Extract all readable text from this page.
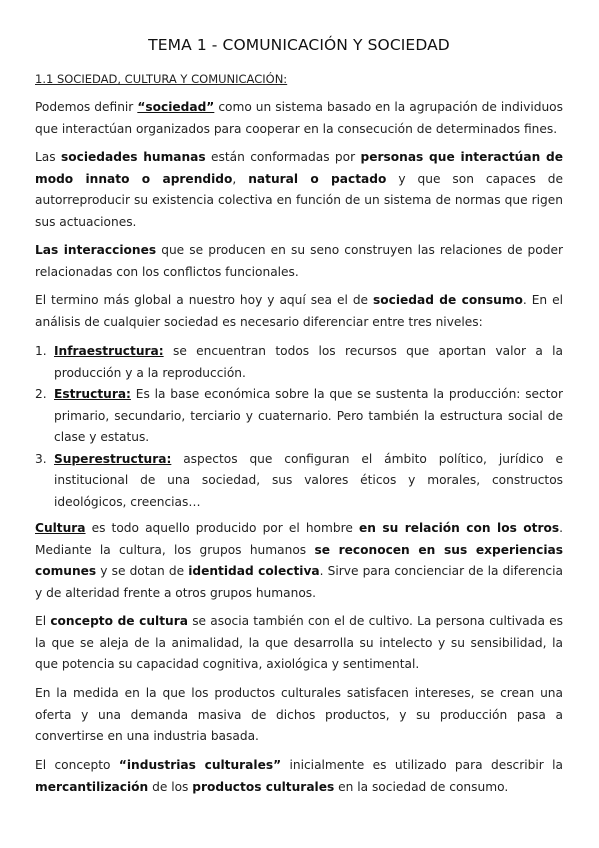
TEMA 1 - COMUNICACIÓN Y SOCIEDAD
1.1 SOCIEDAD, CULTURA Y COMUNICACIÓN:

Podemos definir “sociedad” como un sistema basado en la agrupación de individuos que interactúan organizados para cooperar en la consecución de determinados fines.

Las sociedades humanas están conformadas por personas que interactúan de modo innato o aprendido, natural o pactado y que son capaces de autorreproducir su existencia colectiva en función de un sistema de normas que rigen sus actuaciones.

Las interacciones que se producen en su seno construyen las relaciones de poder relacionadas con los conflictos funcionales.

El termino más global a nuestro hoy y aquí sea el de sociedad de consumo. En el análisis de cualquier sociedad es necesario diferenciar entre tres niveles:

1. Infraestructura: se encuentran todos los recursos que aportan valor a la producción y a la reproducción.
2. Estructura: Es la base económica sobre la que se sustenta la producción: sector primario, secundario, terciario y cuaternario. Pero también la estructura social de clase y estatus.
3. Superestructura: aspectos que configuran el ámbito político, jurídico e institucional de una sociedad, sus valores éticos y morales, constructos ideológicos, creencias…

Cultura es todo aquello producido por el hombre en su relación con los otros. Mediante la cultura, los grupos humanos se reconocen en sus experiencias comunes y se dotan de identidad colectiva. Sirve para concienciar de la diferencia y de alteridad frente a otros grupos humanos.

El concepto de cultura se asocia también con el de cultivo. La persona cultivada es la que se aleja de la animalidad, la que desarrolla su intelecto y su sensibilidad, la que potencia su capacidad cognitiva, axiológica y sentimental.

En la medida en la que los productos culturales satisfacen intereses, se crean una oferta y una demanda masiva de dichos productos, y su producción pasa a convertirse en una industria basada.

El concepto “industrias culturales” inicialmente es utilizado para describir la mercantilización de los productos culturales en la sociedad de consumo.
